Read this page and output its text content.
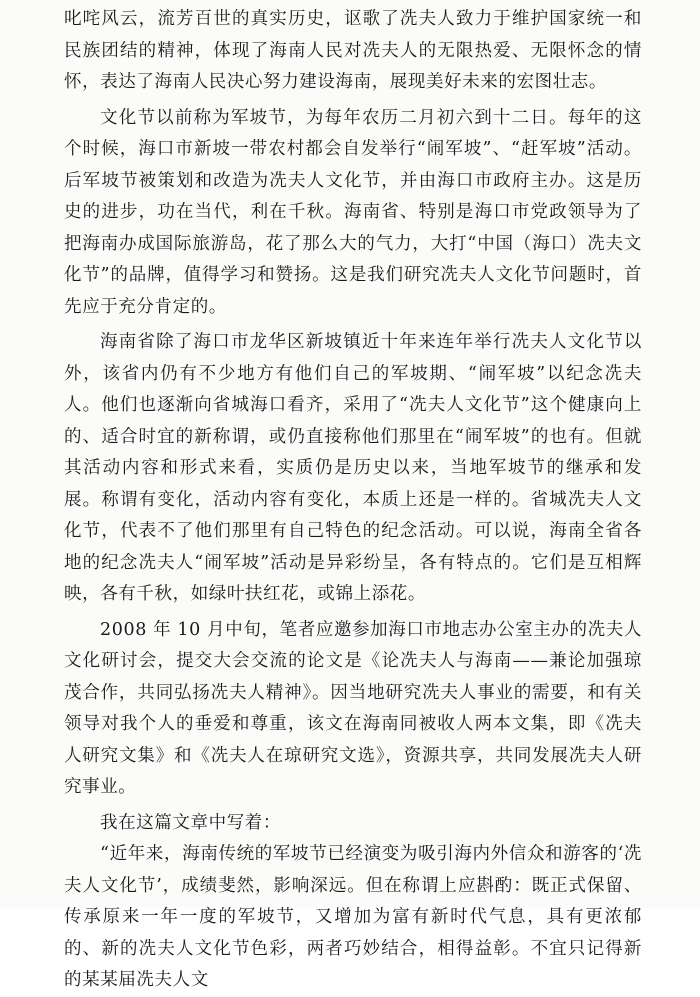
叱咤风云，流芳百世的真实历史，讴歌了冼夫人致力于维护国家统一和民族团结的精神，体现了海南人民对冼夫人的无限热爱、无限怀念的情怀，表达了海南人民决心努力建设海南，展现美好未来的宏图壮志。

文化节以前称为军坡节，为每年农历二月初六到十二日。每年的这个时候，海口市新坡一带农村都会自发举行“闹军坡”、“赶军坡”活动。后军坡节被策划和改造为冼夫人文化节，并由海口市政府主办。这是历史的进步，功在当代，利在千秋。海南省、特别是海口市党政领导为了把海南办成国际旅游岛，花了那么大的气力，大打“中国（海口）冼夫文化节”的品牌，值得学习和赞扬。这是我们研究冼夫人文化节问题时，首先应于充分肯定的。

海南省除了海口市龙华区新坡镇近十年来连年举行冼夫人文化节以外，该省内仍有不少地方有他们自己的军坡期、“闹军坡”以纪念冼夫人。他们也逐渐向省城海口看齐，采用了“冼夫人文化节”这个健康向上的、适合时宜的新称谓，或仍直接称他们那里在“闹军坡”的也有。但就其活动内容和形式来看，实质仍是历史以来，当地军坡节的继承和发展。称谓有变化，活动内容有变化，本质上还是一样的。省城冼夫人文化节，代表不了他们那里有自己特色的纪念活动。可以说，海南全省各地的纪念冼夫人“闹军坡”活动是异彩纷呈，各有特点的。它们是互相辉映，各有千秋，如绿叶扶红花，或锦上添花。

2008 年 10 月中旬，笔者应邀参加海口市地志办公室主办的冼夫人文化研讨会，提交大会交流的论文是《论冼夫人与海南——兼论加强琼茂合作，共同弘扬冼夫人精神》。因当地研究冼夫人事业的需要，和有关领导对我个人的垂爱和尊重，该文在海南同被收人两本文集，即《冼夫人研究文集》和《冼夫人在琼研究文选》，资源共享，共同发展冼夫人研究事业。

我在这篇文章中写着：

“近年来，海南传统的军坡节已经演变为吸引海内外信众和游客的‘冼夫人文化节’，成绩斐然，影响深远。但在称谓上应斟酌：既正式保留、传承原来一年一度的军坡节，又增加为富有新时代气息，具有更浓郁的、新的冼夫人文化节色彩，两者巧妙结合，相得益彰。不宜只记得新的某某届冼夫人文
